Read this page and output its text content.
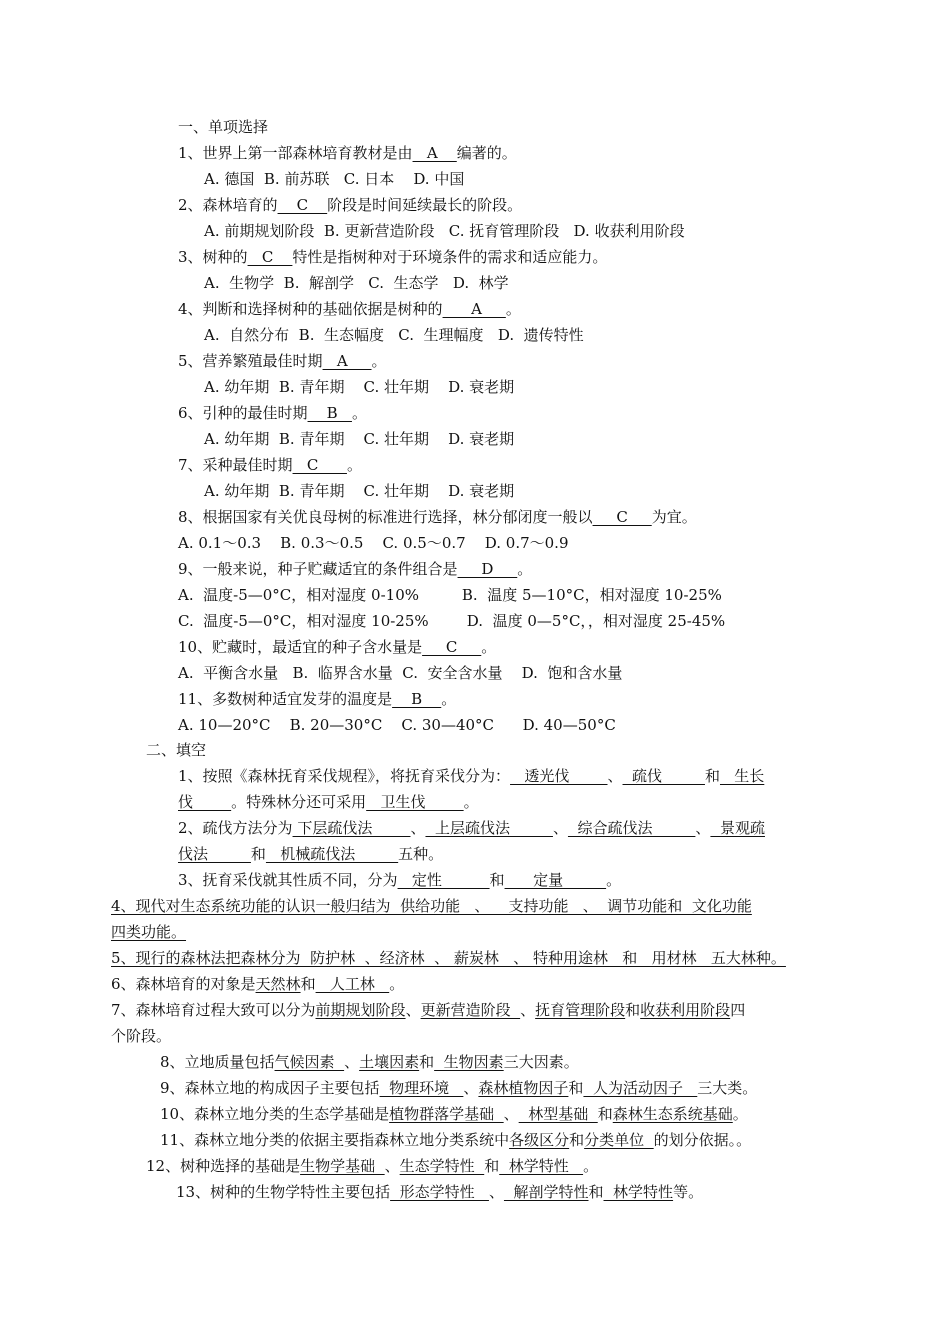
一、单项选择
1、世界上第一部森林培育教材是由   A    编著的。
A. 德国  B. 前苏联   C. 日本    D. 中国
2、森林培育的    C    阶段是时间延续最长的阶段。
A. 前期规划阶段  B. 更新营造阶段   C. 抚育管理阶段   D. 收获利用阶段
3、树种的   C    特性是指树种对于环境条件的需求和适应能力。
A.  生物学  B.  解剖学   C.  生态学   D.  林学
4、判断和选择树种的基础依据是树种的      A     。
A.  自然分布  B.  生态幅度   C.  生理幅度   D.  遗传特性
5、营养繁殖最佳时期   A     。
A. 幼年期  B. 青年期    C. 壮年期    D. 衰老期
6、引种的最佳时期    B   。
A. 幼年期  B. 青年期    C. 壮年期    D. 衰老期
7、采种最佳时期   C      。
A. 幼年期  B. 青年期    C. 壮年期    D. 衰老期
8、根据国家有关优良母树的标准进行选择，林分郁闭度一般以     C     为宜。
A. 0.1～0.3    B. 0.3～0.5    C. 0.5～0.7    D. 0.7～0.9
9、一般来说，种子贮藏适宜的条件组合是     D     。
A.  温度-5—0°C，相对湿度 0-10%         B.  温度 5—10°C，相对湿度 10-25%
C.  温度-5—0°C，相对湿度 10-25%        D.  温度 0—5°C，，相对湿度 25-45%
10、贮藏时，最适宜的种子含水量是     C     。
A.  平衡含水量   B.  临界含水量  C.  安全含水量    D.  饱和含水量
11、多数树种适宜发芽的温度是    B    。
A. 10—20°C    B. 20—30°C    C. 30—40°C      D. 40—50°C
二、填空
1、按照《森林抚育采伐规程》，将抚育采伐分为：   透光伐        、  疏伐         和   生长
伐        。特殊林分还可采用   卫生伐        。
2、疏伐方法分为 下层疏伐法        、  上层疏伐法         、  综合疏伐法         、  景观疏
伐法         和   机械疏伐法         五种。
3、抚育采伐就其性质不同，分为   定性          和      定量         。
4、现代对生态系统功能的认识一般归结为  供给功能   、    支持功能   、  调节功能和  文化功能
四类功能。
5、现行的森林法把森林分为  防护林  、经济林  、 薪炭林   、 特种用途林   和   用材林   五大林种。
6、森林培育的对象是天然林和   人工林   。
7、森林培育过程大致可以分为前期规划阶段、更新营造阶段  、抚育管理阶段和收获利用阶段四
个阶段。
8、立地质量包括气候因素  、土壤因素和  生物因素三大因素。
9、森林立地的构成因子主要包括  物理环境   、森林植物因子和  人为活动因子   三大类。
10、森林立地分类的生态学基础是植物群落学基础  、  林型基础  和森林生态系统基础。
11、森林立地分类的依据主要指森林立地分类系统中各级区分和分类单位  的划分依据。。
12、树种选择的基础是生物学基础  、生态学特性  和  林学特性   。
13、树种的生物学特性主要包括  形态学特性   、  解剖学特性和  林学特性等。
